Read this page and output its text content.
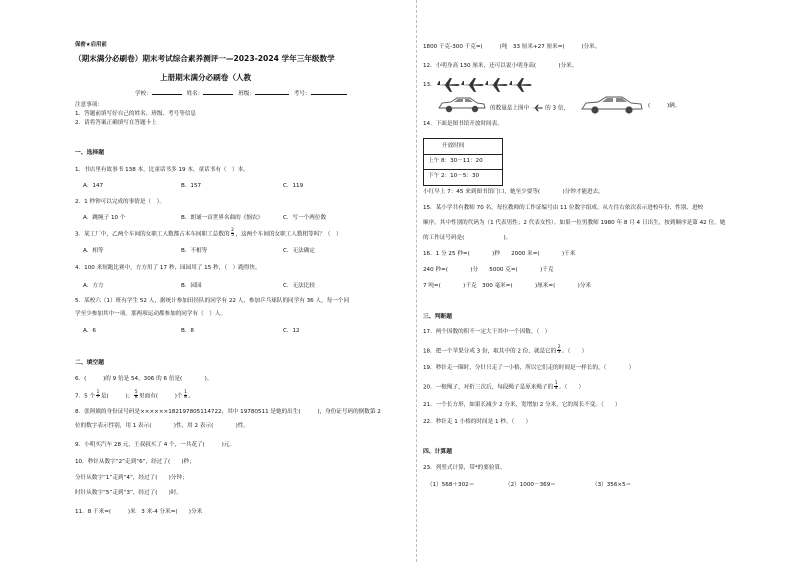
保密★启用前
（期末满分必刷卷）期末考试综合素养测评一—2023-2024 学年三年级数学
上册期末满分必刷卷（人教
学校：	姓名：	班级：	考号：
注意事项：
1．答题前填写好自己的姓名、班级、考号等信息
2．请将答案正确填写在答题卡上
一、选择题
1．书店里有故事书 138 本，比童话书多 19 本，童话书有（　）本。
A．147	B．157	C．119
2．1 秒钟可以完成的事情是（　）。
A．跳绳子 10 个	B．朗诵一首世界名曲的《悯农》	C．写一个两位数
3．某工厂中，乙两个车间的女职工人数都占本车间职工总数的 $\frac{2}{5}$ ，这两个车间的女职工人数相等吗？（　）
A．相等	B．不相等	C．无法确定
4．100 米短跑比赛中，方方用了 17 秒，园园用了 15 秒，（　）跑得快。
A．方方	B．园园	C．无法比较
5．某校六（1）班有学生 52 人，据统计参加田径队的同学有 22 人，参加乒乓球队的同学有 36 人，每一个同
学至少参加其中一项。那两项运动都参加的同学有（　）人。
A．6	B．8	C．12
二、填空题
6．(　　　)的 9 倍是 54，306 的 6 倍是(　　　　)。
7．5 个 $\frac{1}{7}$ 是(　　　)； $\frac{5}{8}$ 里面有(　　　)个 $\frac{1}{8}$ 。
8．张阿姨的身份证号码是××××××182197805114722，其中 19780511 是她的出生(　　　)，身份证号码的倒数第 2
位的数字表示性别，用 1 表示(　　　　)性，用 2 表示(　　　　)性。
9．小明买汽车 28 元，王叔叔买了 4 个，一共花了(　　　)元。
10．秒针从数字“2”走到“6”，经过了(　　)秒；
分针从数字“1”走到“4”，经过了(　　)分钟；
时针从数字“5”走到“3”，经过了(　　)时。
11．8 千米=(　　　)米　3 米-4 分米=(　　)分米
1800 千克-300 千克=(　　　)吨　33 厘米+27 厘米=(　　　)分米。
12．小明身高 130 厘米，还可以说小明身高(　　　　)分米。
13．
的数量是上图中	的 3 倍，	(　　　)辆。
14．下面是图书馆开放时间表。
开放时间
上午 8：30－11：20
下午 2：10－5：30
小红早上 7：45 来到图书馆门口，她至少要等(　　　　)分钟才能进去。
15．某小学共有教师 70 名，每位教师的工作证编号由 11 位数字组成。从左往右依次表示进校年份、性别、进校
顺序。其中性别的代码为（1 代表男性；2 代表女性）。如果一位男教师 1980 年 8 月 4 日出生，按到顺序是第 42 位，她
的工作证号码是(　　　　　　　)。
16．1 分 25 秒=(　　　　)秒　　2000 米=(　　　　)千米
240 秒=(　　　　)分　　5000 克=(　　　　)千克
7 吨=(　　　　)千克　300 毫米=(　　　　)厘米=(　　　　)分米
三、判断题
17．两个因数的积不一定大于其中一个因数。（　）
18．把一个苹果分成 3 份，取其中的 2 份，就是它的 $\frac{2}{3}$ 。（　　）
19．秒针走一圈时，分针只走了一小格，所以它们走的时间是一样长的。（　　　　）
20．一根绳子，对折三次后，每段绳子是原来绳子的 $\frac{1}{4}$ 。（　　）
21．一个长方形，如果长减少 2 分米，宽增加 2 分米，它的周长不变。（　　）
22．秒针走 1 小格的时间是 1 秒。（　　）
四、计算题
23．列竖式计算，带*的要验算。
（1）568＋302＝	（2）1000－369＝	（3）356×5＝
